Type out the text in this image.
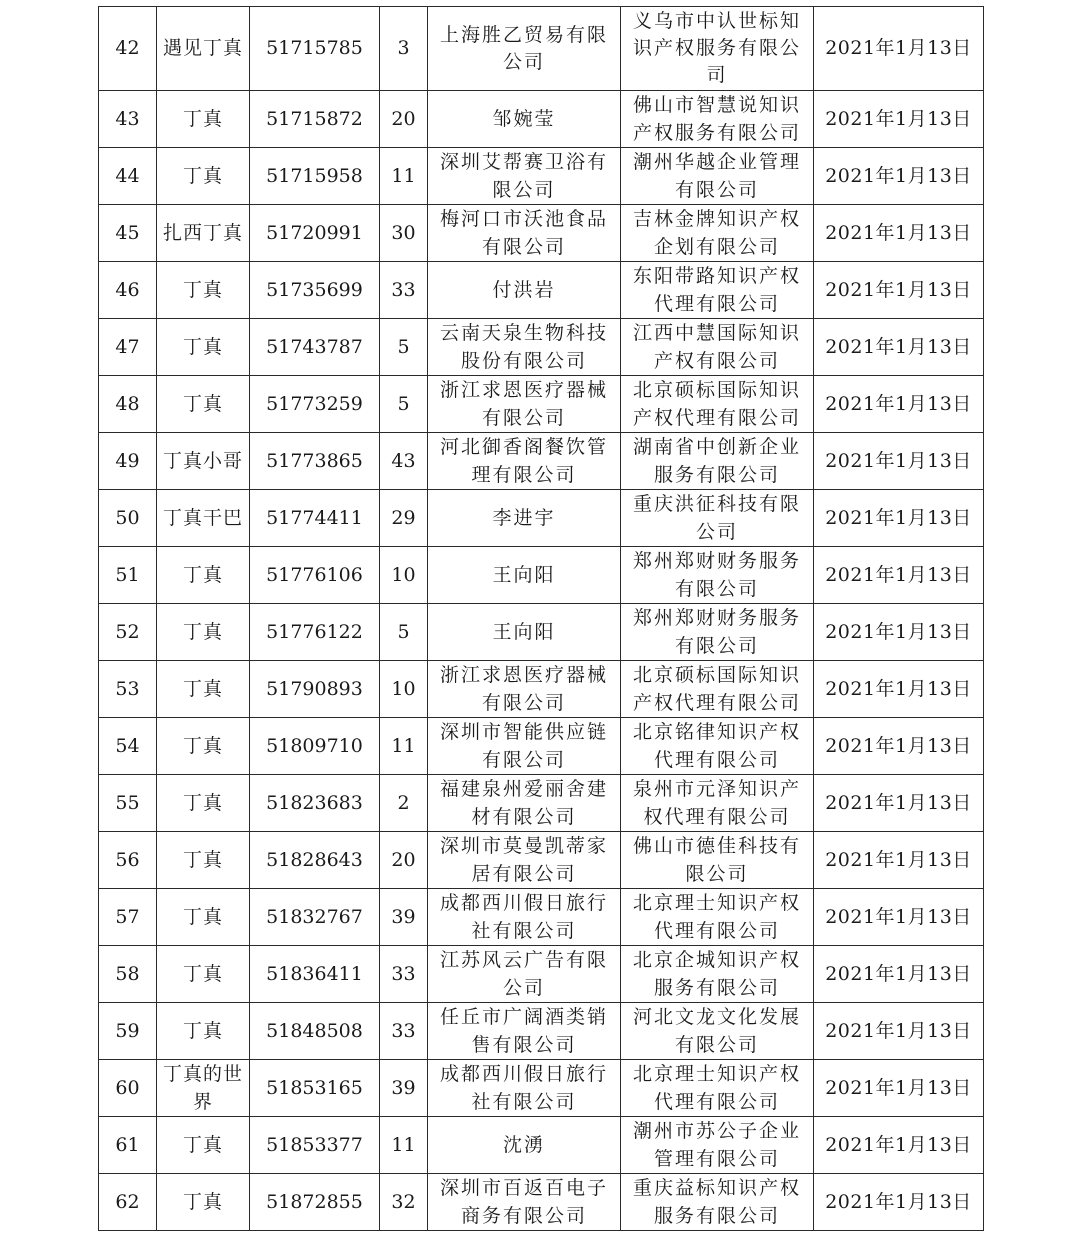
42	遇见丁真	51715785	3	上海胜乙贸易有限公司	义乌市中认世标知识产权服务有限公司	2021年1月13日
43	丁真	51715872	20	邹婉莹	佛山市智慧说知识产权服务有限公司	2021年1月13日
44	丁真	51715958	11	深圳艾帮赛卫浴有限公司	潮州华越企业管理有限公司	2021年1月13日
45	扎西丁真	51720991	30	梅河口市沃池食品有限公司	吉林金牌知识产权企划有限公司	2021年1月13日
46	丁真	51735699	33	付洪岩	东阳带路知识产权代理有限公司	2021年1月13日
47	丁真	51743787	5	云南天泉生物科技股份有限公司	江西中慧国际知识产权有限公司	2021年1月13日
48	丁真	51773259	5	浙江求恩医疗器械有限公司	北京硕标国际知识产权代理有限公司	2021年1月13日
49	丁真小哥	51773865	43	河北御香阁餐饮管理有限公司	湖南省中创新企业服务有限公司	2021年1月13日
50	丁真干巴	51774411	29	李进宇	重庆洪征科技有限公司	2021年1月13日
51	丁真	51776106	10	王向阳	郑州郑财财务服务有限公司	2021年1月13日
52	丁真	51776122	5	王向阳	郑州郑财财务服务有限公司	2021年1月13日
53	丁真	51790893	10	浙江求恩医疗器械有限公司	北京硕标国际知识产权代理有限公司	2021年1月13日
54	丁真	51809710	11	深圳市智能供应链有限公司	北京铭律知识产权代理有限公司	2021年1月13日
55	丁真	51823683	2	福建泉州爱丽舍建材有限公司	泉州市元泽知识产权代理有限公司	2021年1月13日
56	丁真	51828643	20	深圳市莫曼凯蒂家居有限公司	佛山市德佳科技有限公司	2021年1月13日
57	丁真	51832767	39	成都西川假日旅行社有限公司	北京理士知识产权代理有限公司	2021年1月13日
58	丁真	51836411	33	江苏风云广告有限公司	北京企城知识产权服务有限公司	2021年1月13日
59	丁真	51848508	33	任丘市广阔酒类销售有限公司	河北文龙文化发展有限公司	2021年1月13日
60	丁真的世界	51853165	39	成都西川假日旅行社有限公司	北京理士知识产权代理有限公司	2021年1月13日
61	丁真	51853377	11	沈湧	潮州市苏公子企业管理有限公司	2021年1月13日
62	丁真	51872855	32	深圳市百返百电子商务有限公司	重庆益标知识产权服务有限公司	2021年1月13日
